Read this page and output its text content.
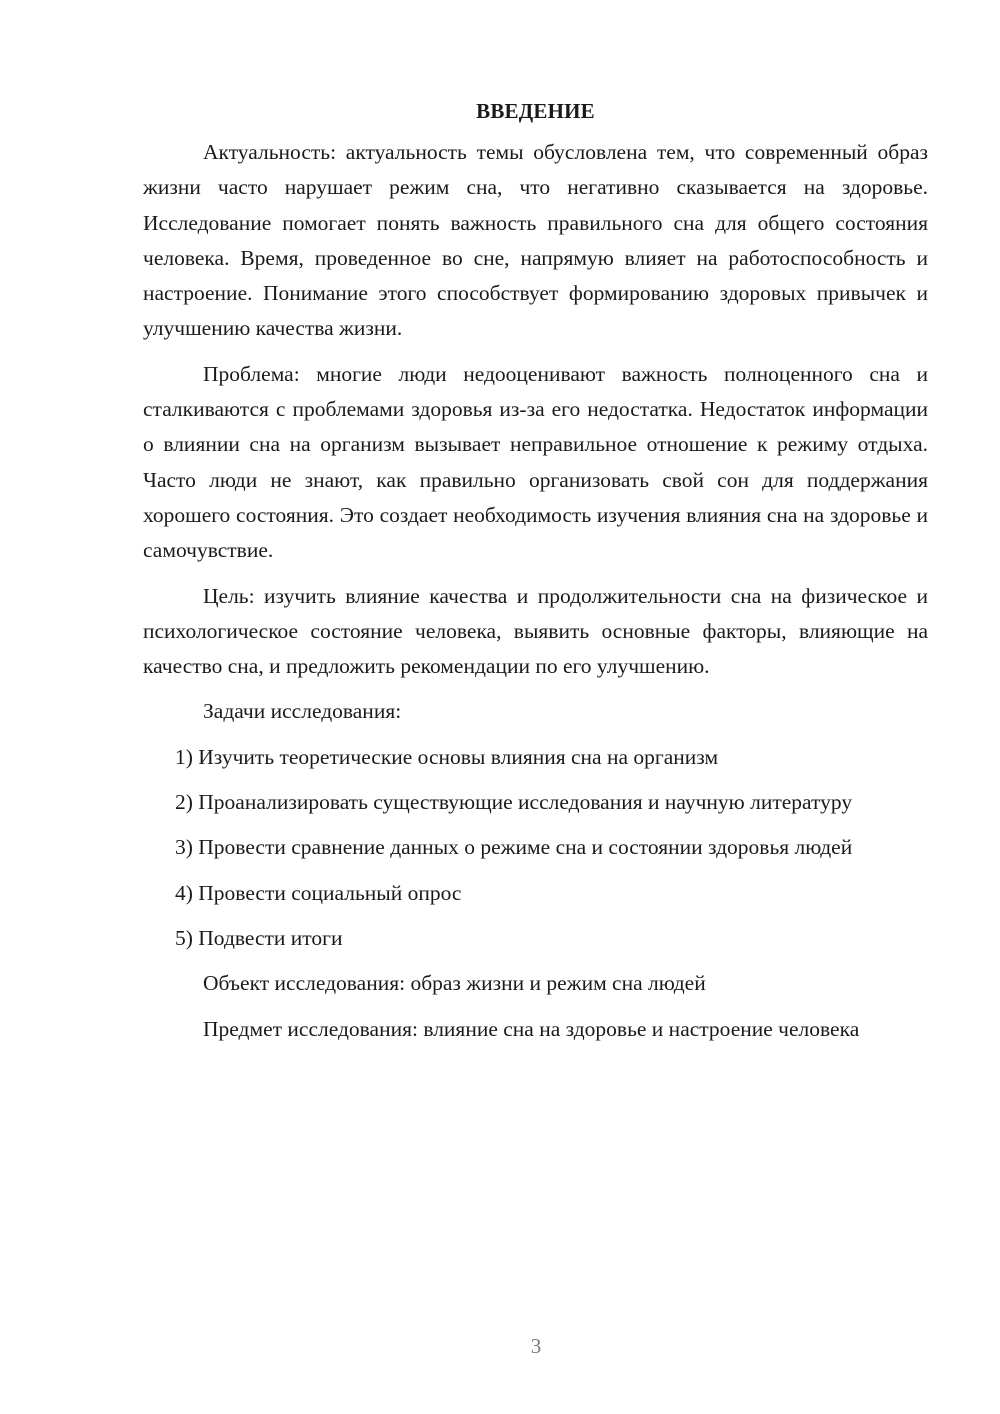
ВВЕДЕНИЕ

Актуальность: актуальность темы обусловлена тем, что современный образ жизни часто нарушает режим сна, что негативно сказывается на здоровье. Исследование помогает понять важность правильного сна для общего состояния человека. Время, проведенное во сне, напрямую влияет на работоспособность и настроение. Понимание этого способствует формированию здоровых привычек и улучшению качества жизни.

Проблема: многие люди недооценивают важность полноценного сна и сталкиваются с проблемами здоровья из-за его недостатка. Недостаток информации о влиянии сна на организм вызывает неправильное отношение к режиму отдыха. Часто люди не знают, как правильно организовать свой сон для поддержания хорошего состояния. Это создает необходимость изучения влияния сна на здоровье и самочувствие.

Цель: изучить влияние качества и продолжительности сна на физическое и психологическое состояние человека, выявить основные факторы, влияющие на качество сна, и предложить рекомендации по его улучшению.

Задачи исследования:

1) Изучить теоретические основы влияния сна на организм

2) Проанализировать существующие исследования и научную литературу

3) Провести сравнение данных о режиме сна и состоянии здоровья людей

4) Провести социальный опрос

5) Подвести итоги

Объект исследования: образ жизни и режим сна людей

Предмет исследования: влияние сна на здоровье и настроение человека

3
